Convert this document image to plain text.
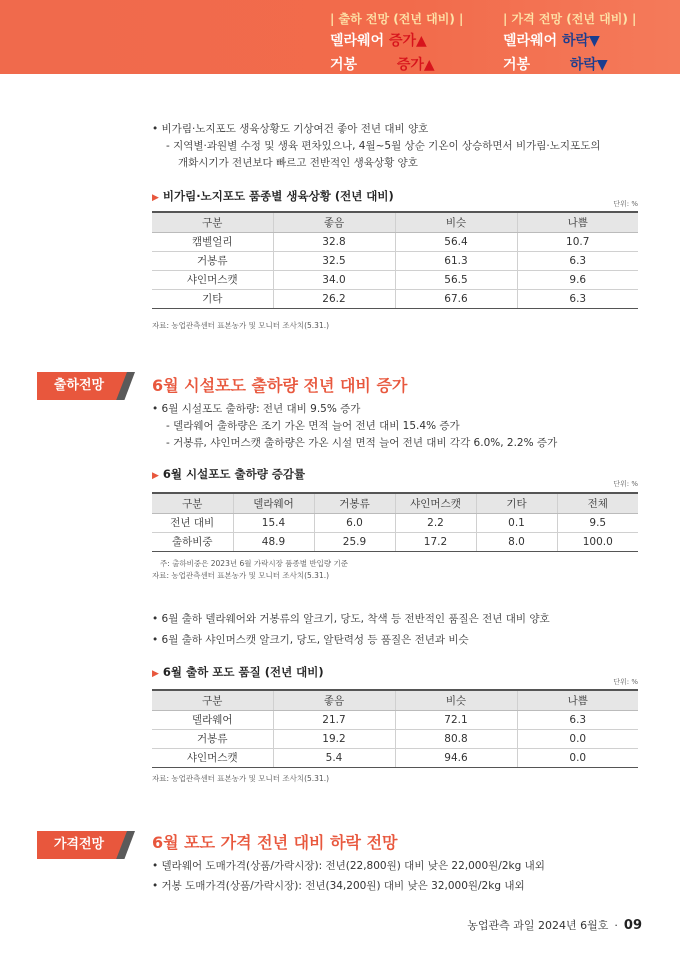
| 출하 전망 (전년 대비) |
델라웨어 증가▲
거봉	증가▲
| 가격 전망 (전년 대비) |
델라웨어 하락▼
거봉	하락▼
• 비가림·노지포도 생육상황도 기상여건 좋아 전년 대비 양호
- 지역별·과원별 수정 및 생육 편차있으나, 4월~5월 상순 기온이 상승하면서 비가림·노지포도의
개화시기가 전년보다 빠르고 전반적인 생육상황 양호
▶ 비가림·노지포도 품종별 생육상황 (전년 대비)
단위: %
구분	좋음	비슷	나쁨
캠벨얼리	32.8	56.4	10.7
거봉류	32.5	61.3	6.3
샤인머스캣	34.0	56.5	9.6
기타	26.2	67.6	6.3
자료: 농업관측센터 표본농가 및 모니터 조사치(5.31.)
출하전망	6월 시설포도 출하량 전년 대비 증가
• 6월 시설포도 출하량: 전년 대비 9.5% 증가
- 델라웨어 출하량은 조기 가온 면적 늘어 전년 대비 15.4% 증가
- 거봉류, 샤인머스캣 출하량은 가온 시설 면적 늘어 전년 대비 각각 6.0%, 2.2% 증가
▶ 6월 시설포도 출하량 증감률
단위: %
구분	델라웨어	거봉류	샤인머스캣	기타	전체
전년 대비	15.4	6.0	2.2	0.1	9.5
출하비중	48.9	25.9	17.2	8.0	100.0
주: 출하비중은 2023년 6월 가락시장 품종별 반입량 기준
자료: 농업관측센터 표본농가 및 모니터 조사치(5.31.)
• 6월 출하 델라웨어와 거봉류의 알크기, 당도, 착색 등 전반적인 품질은 전년 대비 양호
• 6월 출하 샤인머스캣 알크기, 당도, 알탄력성 등 품질은 전년과 비슷
▶ 6월 출하 포도 품질 (전년 대비)
단위: %
구분	좋음	비슷	나쁨
델라웨어	21.7	72.1	6.3
거봉류	19.2	80.8	0.0
샤인머스캣	5.4	94.6	0.0
자료: 농업관측센터 표본농가 및 모니터 조사치(5.31.)
가격전망	6월 포도 가격 전년 대비 하락 전망
• 델라웨어 도매가격(상품/가락시장): 전년(22,800원) 대비 낮은 22,000원/2kg 내외
• 거봉 도매가격(상품/가락시장): 전년(34,200원) 대비 낮은 32,000원/2kg 내외
농업관측 과일 2024년 6월호 · 09
